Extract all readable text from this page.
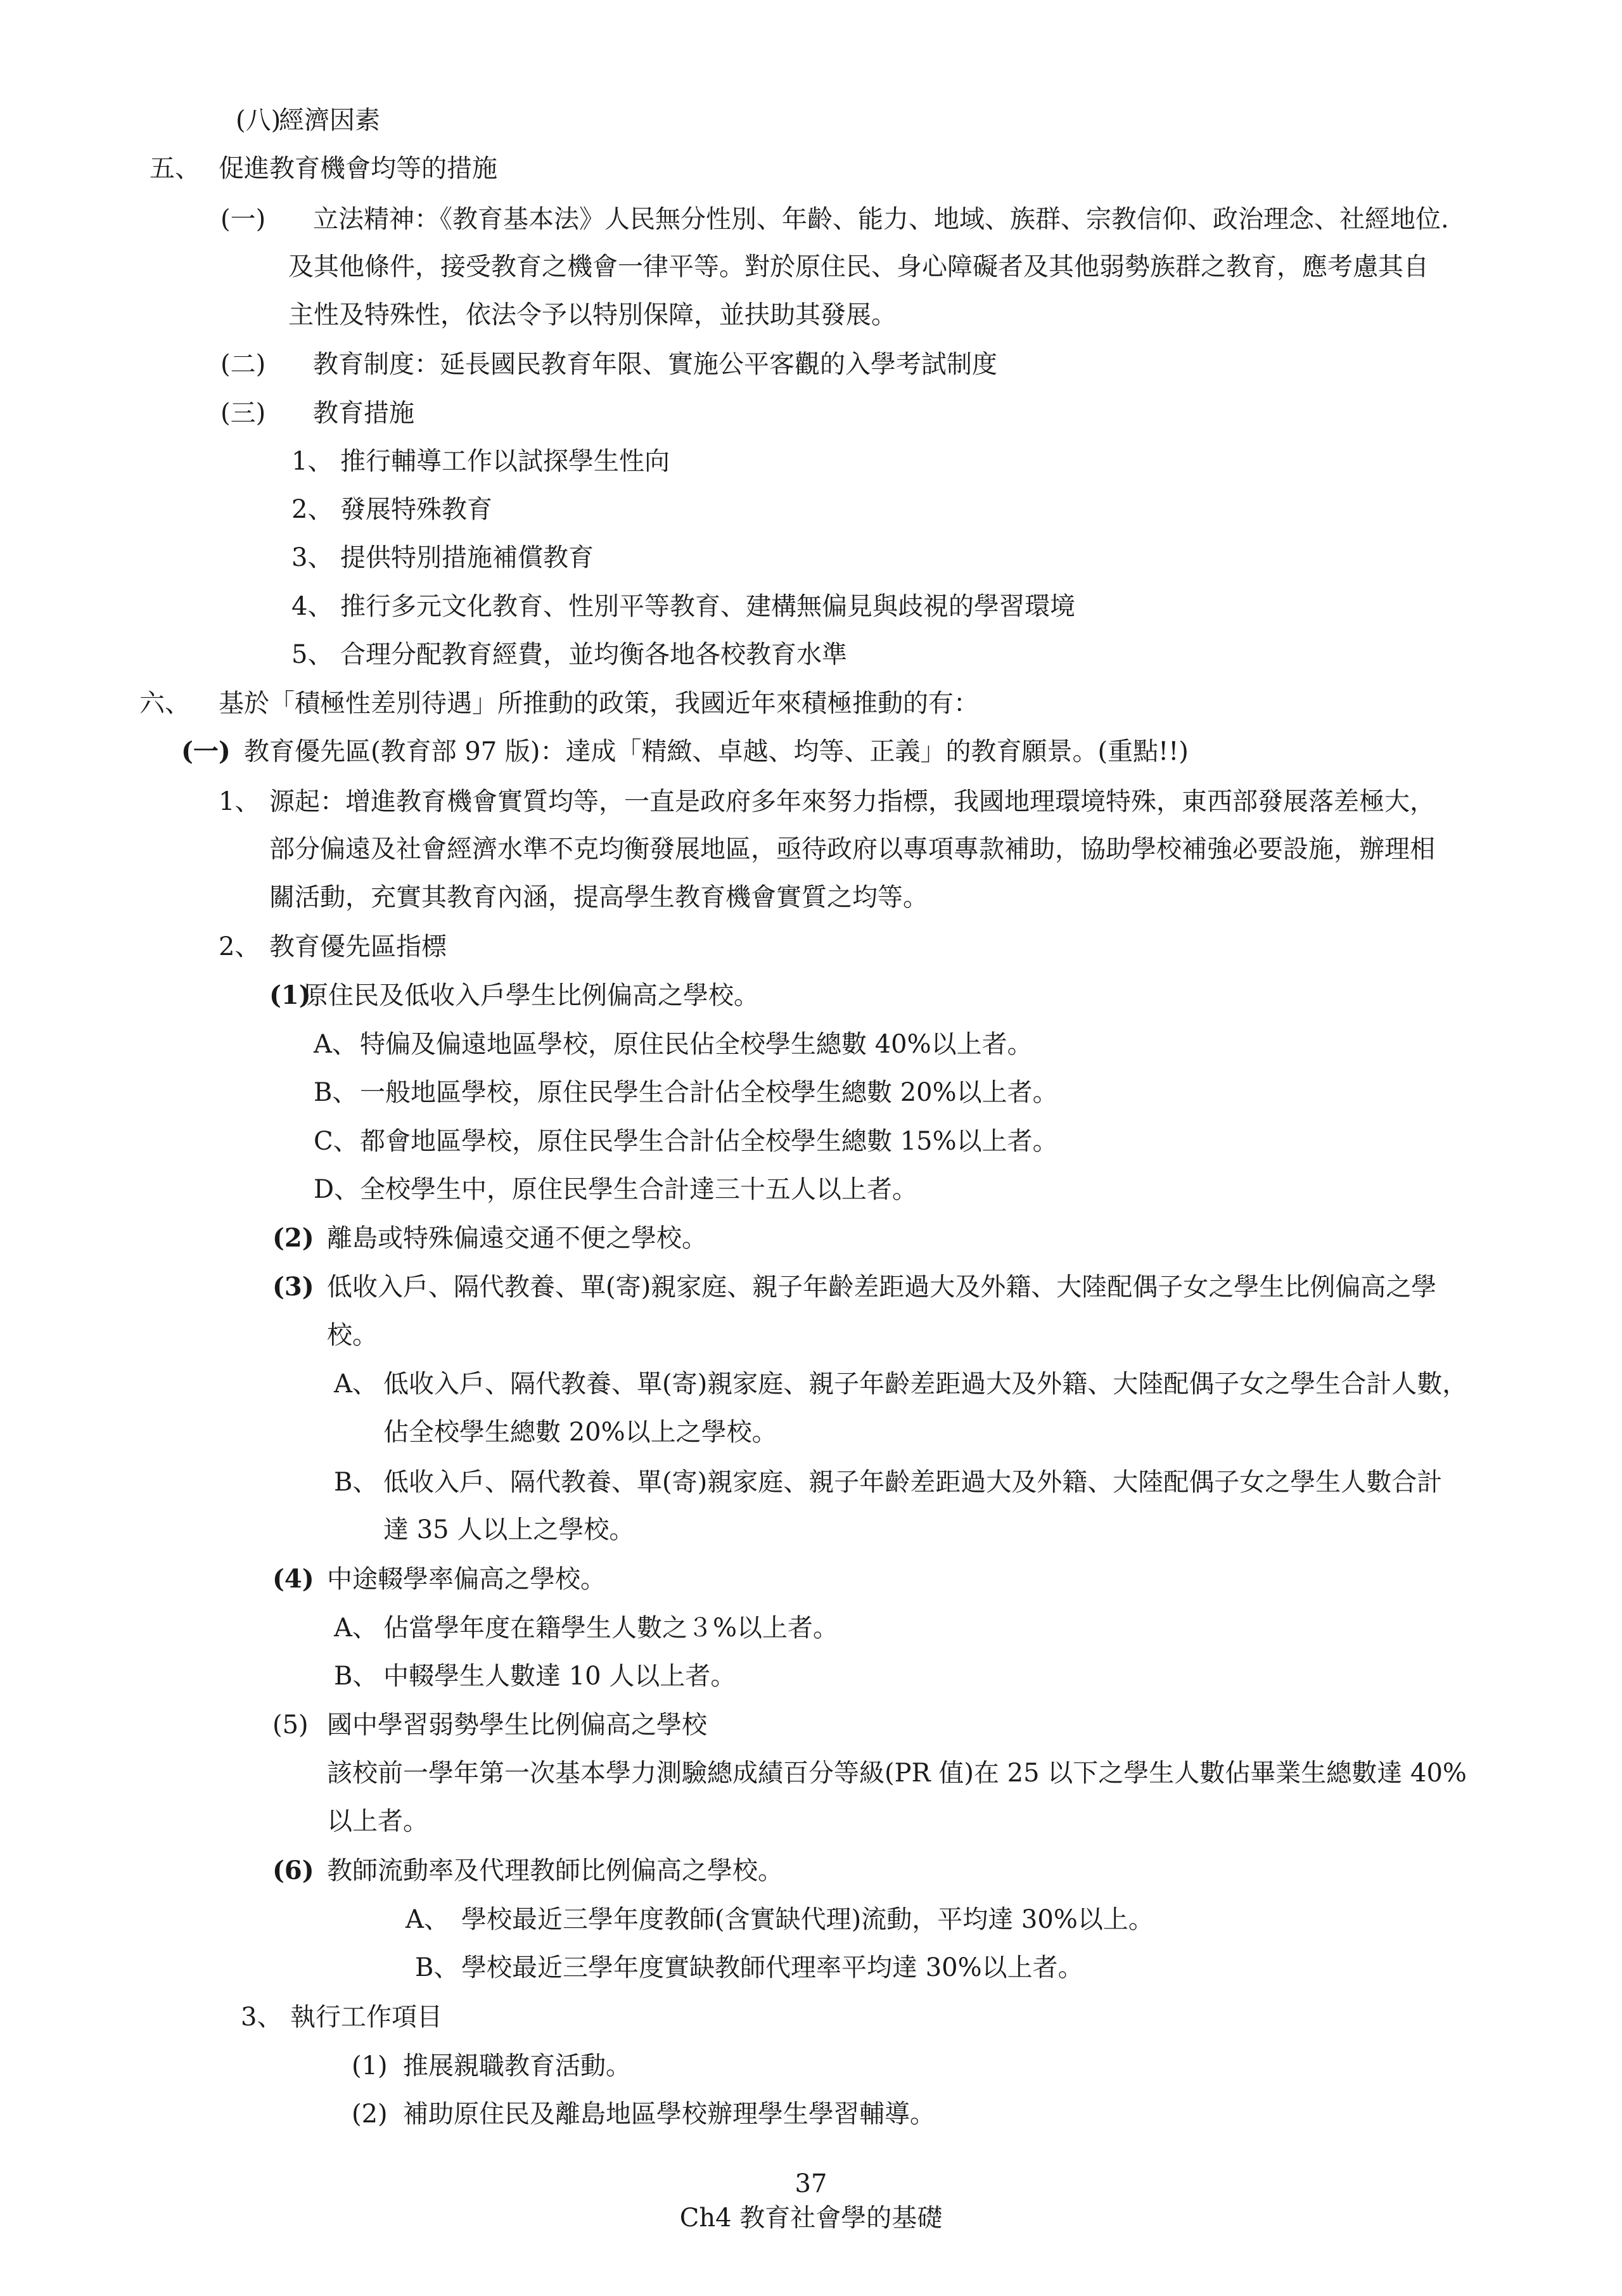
(八)
經濟因素
五、 促進教育機會均等的措施
(一) 立法精神：《教育基本法》人民無分性別、年齡、能力、地域、族群、宗教信仰、政治理念、社經地位.
及其他條件，接受教育之機會一律平等。對於原住民、身心障礙者及其他弱勢族群之教育，應考慮其自
主性及特殊性，依法令予以特別保障，並扶助其發展。
(二) 教育制度：延長國民教育年限、實施公平客觀的入學考試制度
(三) 教育措施
1、 推行輔導工作以試探學生性向
2、 發展特殊教育
3、 提供特別措施補償教育
4、 推行多元文化教育、性別平等教育、建構無偏見與歧視的學習環境
5、 合理分配教育經費，並均衡各地各校教育水準
六、 基於「積極性差別待遇」所推動的政策，我國近年來積極推動的有：
(一) 教育優先區(教育部 97 版)：達成「精緻、卓越、均等、正義」的教育願景。(重點!!)
1、 源起：增進教育機會實質均等，一直是政府多年來努力指標，我國地理環境特殊，東西部發展落差極大，
部分偏遠及社會經濟水準不克均衡發展地區，亟待政府以專項專款補助，協助學校補強必要設施，辦理相
關活動，充實其教育內涵，提高學生教育機會實質之均等。
2、 教育優先區指標
(1)
原住民及低收入戶學生比例偏高之學校。
A、 特偏及偏遠地區學校，原住民佔全校學生總數 40%以上者。
B、 一般地區學校，原住民學生合計佔全校學生總數 20%以上者。
C、 都會地區學校，原住民學生合計佔全校學生總數 15%以上者。
D、 全校學生中，原住民學生合計達三十五人以上者。
(2) 離島或特殊偏遠交通不便之學校。
(3) 低收入戶、隔代教養、單(寄)親家庭、親子年齡差距過大及外籍、大陸配偶子女之學生比例偏高之學
校。
A、 低收入戶、隔代教養、單(寄)親家庭、親子年齡差距過大及外籍、大陸配偶子女之學生合計人數，
佔全校學生總數 20%以上之學校。
B、 低收入戶、隔代教養、單(寄)親家庭、親子年齡差距過大及外籍、大陸配偶子女之學生人數合計
達 35 人以上之學校。
(4) 中途輟學率偏高之學校。
A、 佔當學年度在籍學生人數之３%以上者。
B、 中輟學生人數達 10 人以上者。
(5) 國中學習弱勢學生比例偏高之學校
該校前一學年第一次基本學力測驗總成績百分等級(PR 值)在 25 以下之學生人數佔畢業生總數達 40%
以上者。
(6) 教師流動率及代理教師比例偏高之學校。
A、 學校最近三學年度教師(含實缺代理)流動，平均達 30%以上。
B、 學校最近三學年度實缺教師代理率平均達 30%以上者。
3、 執行工作項目
(1) 推展親職教育活動。
(2) 補助原住民及離島地區學校辦理學生學習輔導。
37
Ch4 教育社會學的基礎
